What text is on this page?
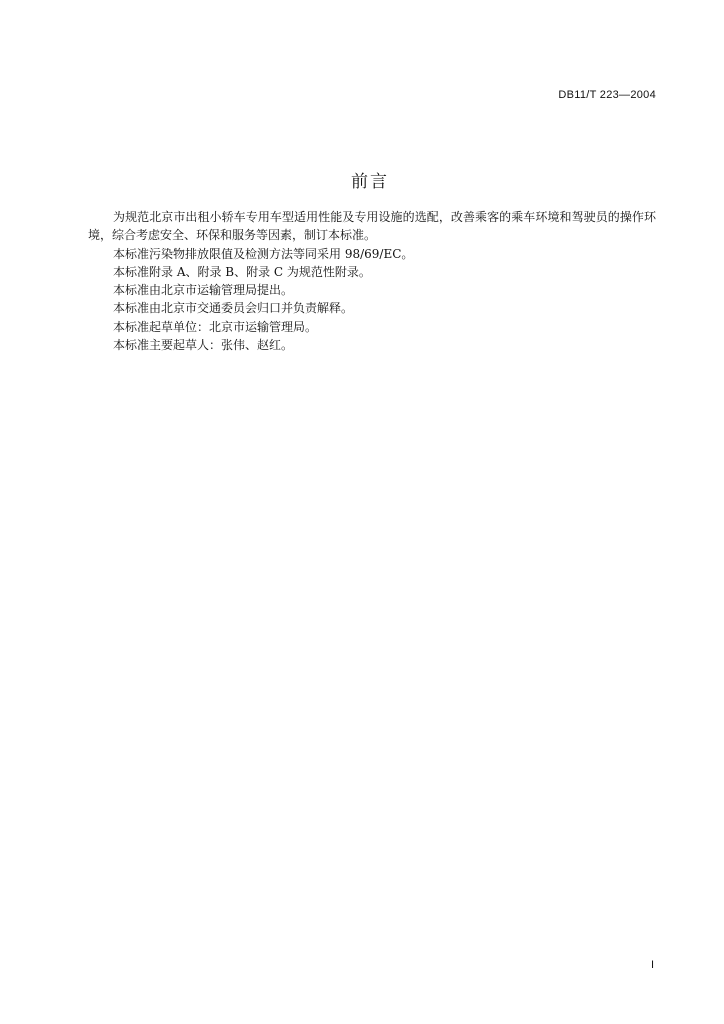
DB11/T 223—2004
前言

为规范北京市出租小轿车专用车型适用性能及专用设施的选配，改善乘客的乘车环境和驾驶员的操作环境，综合考虑安全、环保和服务等因素，制订本标准。

本标准污染物排放限值及检测方法等同采用 98/69/EC。

本标准附录 A、附录 B、附录 C 为规范性附录。

本标准由北京市运输管理局提出。

本标准由北京市交通委员会归口并负责解释。

本标准起草单位：北京市运输管理局。

本标准主要起草人：张伟、赵红。

I
